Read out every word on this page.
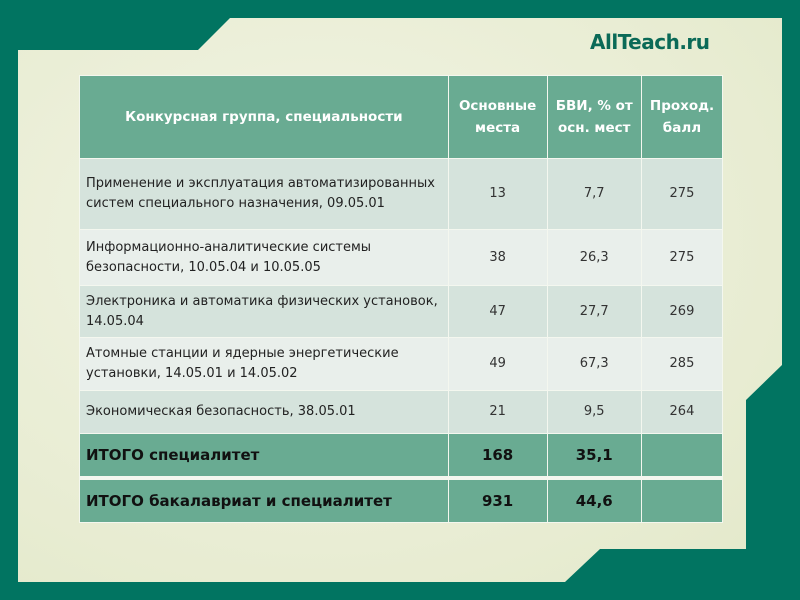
AllTeach.ru
Конкурсная группа, специальности	Основные места	БВИ, % от осн. мест	Проход. балл
Применение и эксплуатация автоматизированных систем специального назначения, 09.05.01	13	7,7	275
Информационно-аналитические системы безопасности, 10.05.04 и 10.05.05	38	26,3	275
Электроника и автоматика физических установок, 14.05.04	47	27,7	269
Атомные станции и ядерные энергетические установки, 14.05.01 и 14.05.02	49	67,3	285
Экономическая безопасность, 38.05.01	21	9,5	264
ИТОГО специалитет	168	35,1	
ИТОГО бакалавриат и специалитет	931	44,6	
